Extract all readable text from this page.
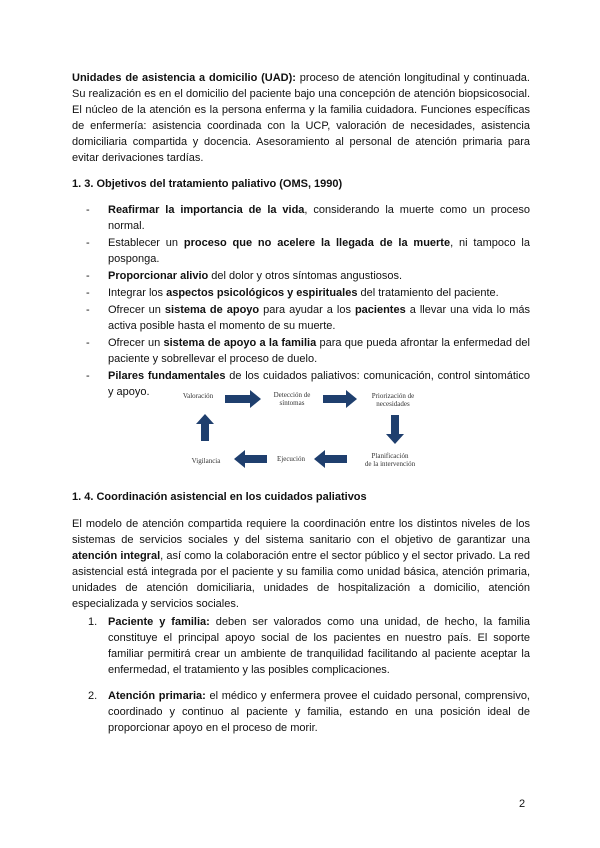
Unidades de asistencia a domicilio (UAD): proceso de atención longitudinal y continuada. Su realización es en el domicilio del paciente bajo una concepción de atención biopsicosocial. El núcleo de la atención es la persona enferma y la familia cuidadora. Funciones específicas de enfermería: asistencia coordinada con la UCP, valoración de necesidades, asistencia domiciliaria compartida y docencia. Asesoramiento al personal de atención primaria para evitar derivaciones tardías.
1. 3. Objetivos del tratamiento paliativo (OMS, 1990)
- Reafirmar la importancia de la vida, considerando la muerte como un proceso normal.
- Establecer un proceso que no acelere la llegada de la muerte, ni tampoco la posponga.
- Proporcionar alivio del dolor y otros síntomas angustiosos.
- Integrar los aspectos psicológicos y espirituales del tratamiento del paciente.
- Ofrecer un sistema de apoyo para ayudar a los pacientes a llevar una vida lo más activa posible hasta el momento de su muerte.
- Ofrecer un sistema de apoyo a la familia para que pueda afrontar la enfermedad del paciente y sobrellevar el proceso de duelo.
- Pilares fundamentales de los cuidados paliativos: comunicación, control sintomático y apoyo.	Valoración	Detección de
síntomas
Priorización de
necesidades
Planificación
de la intervención
Ejecución
Vigilancia
1. 4. Coordinación asistencial en los cuidados paliativos
El modelo de atención compartida requiere la coordinación entre los distintos niveles de los sistemas de servicios sociales y del sistema sanitario con el objetivo de garantizar una atención integral, así como la colaboración entre el sector público y el sector privado. La red asistencial está integrada por el paciente y su familia como unidad básica, atención primaria, unidades de atención domiciliaria, unidades de hospitalización a domicilio, atención especializada y servicios sociales.
1. Paciente y familia: deben ser valorados como una unidad, de hecho, la familia constituye el principal apoyo social de los pacientes en nuestro país. El soporte familiar permitirá crear un ambiente de tranquilidad facilitando al paciente aceptar la enfermedad, el tratamiento y las posibles complicaciones.
2. Atención primaria: el médico y enfermera provee el cuidado personal, comprensivo, coordinado y continuo al paciente y familia, estando en una posición ideal de proporcionar apoyo en el proceso de morir.
2
